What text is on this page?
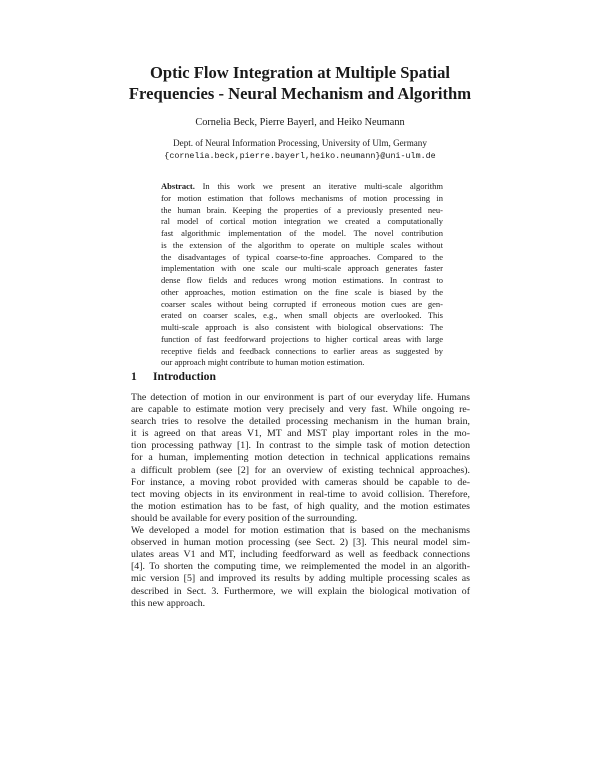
Optic Flow Integration at Multiple Spatial
Frequencies - Neural Mechanism and Algorithm
Cornelia Beck, Pierre Bayerl, and Heiko Neumann
Dept. of Neural Information Processing, University of Ulm, Germany
{cornelia.beck,pierre.bayerl,heiko.neumann}@uni-ulm.de
Abstract. In this work we present an iterative multi-scale algorithm
for motion estimation that follows mechanisms of motion processing in
the human brain. Keeping the properties of a previously presented neu-
ral model of cortical motion integration we created a computationally
fast algorithmic implementation of the model. The novel contribution
is the extension of the algorithm to operate on multiple scales without
the disadvantages of typical coarse-to-fine approaches. Compared to the
implementation with one scale our multi-scale approach generates faster
dense flow fields and reduces wrong motion estimations. In contrast to
other approaches, motion estimation on the fine scale is biased by the
coarser scales without being corrupted if erroneous motion cues are gen-
erated on coarser scales, e.g., when small objects are overlooked. This
multi-scale approach is also consistent with biological observations: The
function of fast feedforward projections to higher cortical areas with large
receptive fields and feedback connections to earlier areas as suggested by
our approach might contribute to human motion estimation.
1 Introduction
The detection of motion in our environment is part of our everyday life. Humans
are capable to estimate motion very precisely and very fast. While ongoing re-
search tries to resolve the detailed processing mechanism in the human brain,
it is agreed on that areas V1, MT and MST play important roles in the mo-
tion processing pathway [1]. In contrast to the simple task of motion detection
for a human, implementing motion detection in technical applications remains
a difficult problem (see [2] for an overview of existing technical approaches).
For instance, a moving robot provided with cameras should be capable to de-
tect moving objects in its environment in real-time to avoid collision. Therefore,
the motion estimation has to be fast, of high quality, and the motion estimates
should be available for every position of the surrounding.
We developed a model for motion estimation that is based on the mechanisms
observed in human motion processing (see Sect. 2) [3]. This neural model sim-
ulates areas V1 and MT, including feedforward as well as feedback connections
[4]. To shorten the computing time, we reimplemented the model in an algorith-
mic version [5] and improved its results by adding multiple processing scales as
described in Sect. 3. Furthermore, we will explain the biological motivation of
this new approach.
